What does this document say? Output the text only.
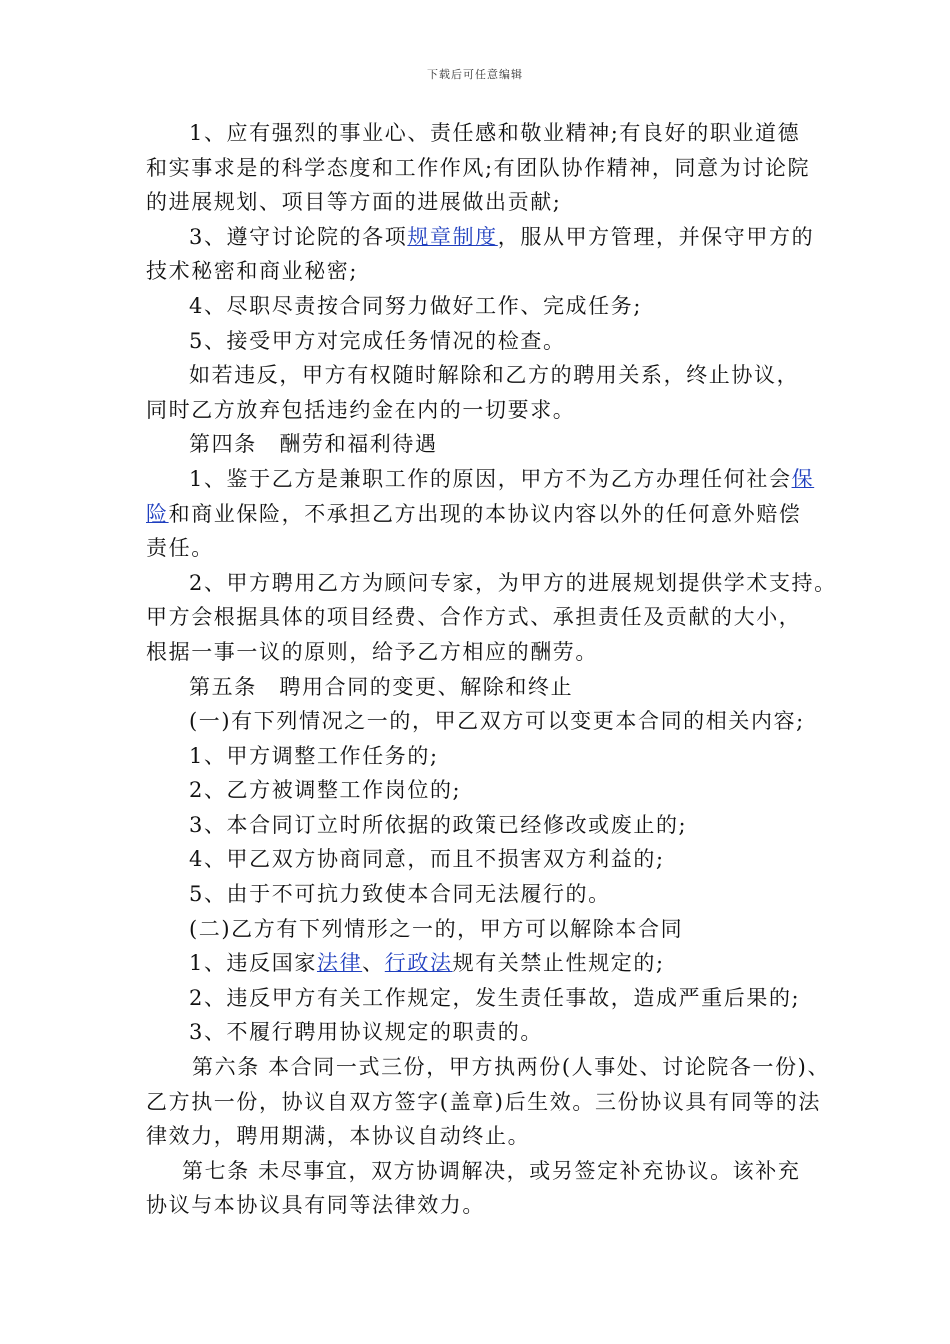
下载后可任意编辑
1、应有强烈的事业心、责任感和敬业精神;有良好的职业道德
和实事求是的科学态度和工作作风;有团队协作精神，同意为讨论院
的进展规划、项目等方面的进展做出贡献;
3、遵守讨论院的各项规章制度，服从甲方管理，并保守甲方的
技术秘密和商业秘密;
4、尽职尽责按合同努力做好工作、完成任务;
5、接受甲方对完成任务情况的检查。
如若违反，甲方有权随时解除和乙方的聘用关系，终止协议，
同时乙方放弃包括违约金在内的一切要求。
第四条　酬劳和福利待遇
1、鉴于乙方是兼职工作的原因，甲方不为乙方办理任何社会保
险和商业保险，不承担乙方出现的本协议内容以外的任何意外赔偿
责任。
2、甲方聘用乙方为顾问专家，为甲方的进展规划提供学术支持。
甲方会根据具体的项目经费、合作方式、承担责任及贡献的大小，
根据一事一议的原则，给予乙方相应的酬劳。
第五条　聘用合同的变更、解除和终止
(一)有下列情况之一的，甲乙双方可以变更本合同的相关内容;
1、甲方调整工作任务的;
2、乙方被调整工作岗位的;
3、本合同订立时所依据的政策已经修改或废止的;
4、甲乙双方协商同意，而且不损害双方利益的;
5、由于不可抗力致使本合同无法履行的。
(二)乙方有下列情形之一的，甲方可以解除本合同
1、违反国家法律、行政法规有关禁止性规定的;
2、违反甲方有关工作规定，发生责任事故，造成严重后果的;
3、不履行聘用协议规定的职责的。
第六条 本合同一式三份，甲方执两份(人事处、讨论院各一份)、
乙方执一份，协议自双方签字(盖章)后生效。三份协议具有同等的法
律效力，聘用期满，本协议自动终止。
第七条 未尽事宜，双方协调解决，或另签定补充协议。该补充
协议与本协议具有同等法律效力。
